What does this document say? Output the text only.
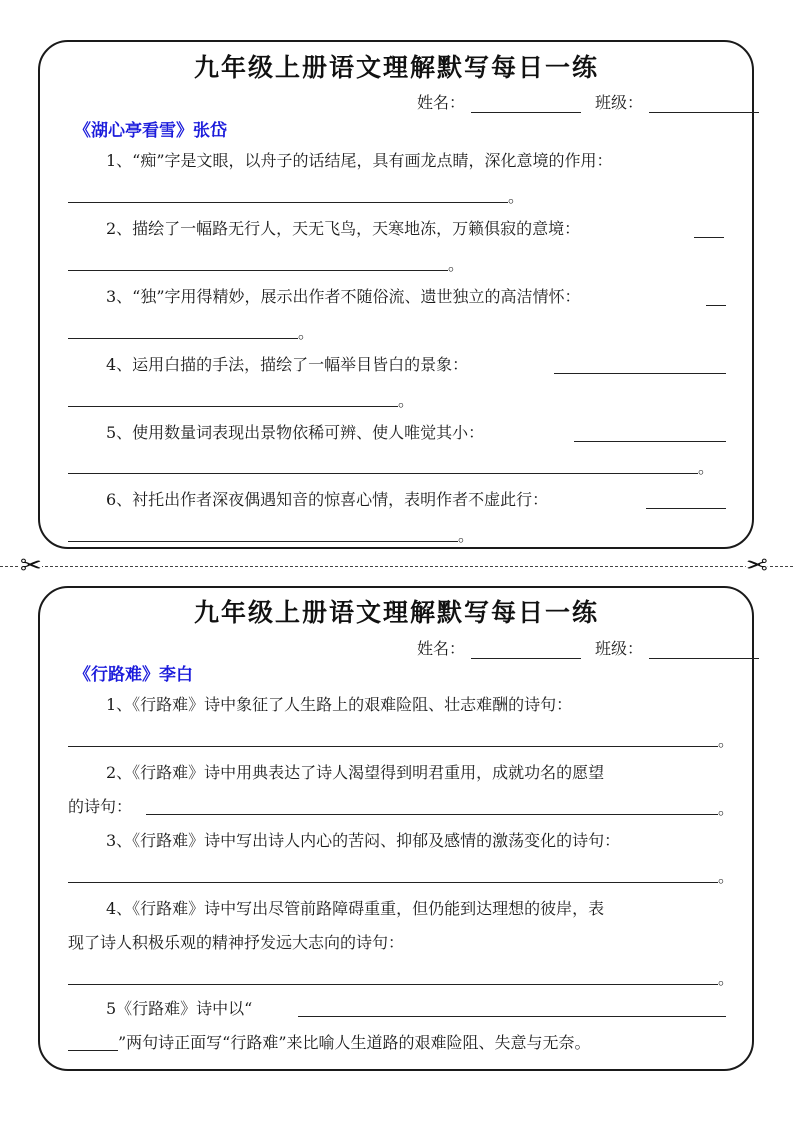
九年级上册语文理解默写每日一练
姓名：	班级：
《湖心亭看雪》张岱
1、“痴”字是文眼，以舟子的话结尾，具有画龙点睛，深化意境的作用：
。
2、描绘了一幅路无行人，天无飞鸟，天寒地冻，万籁俱寂的意境：
。
3、“独”字用得精妙，展示出作者不随俗流、遗世独立的高洁情怀：
。
4、运用白描的手法，描绘了一幅举目皆白的景象：
。
5、使用数量词表现出景物依稀可辨、使人唯觉其小：
。
6、衬托出作者深夜偶遇知音的惊喜心情，表明作者不虚此行：
。
✂	✂
九年级上册语文理解默写每日一练
姓名：	班级：
《行路难》李白
1、《行路难》诗中象征了人生路上的艰难险阻、壮志难酬的诗句：
。
2、《行路难》诗中用典表达了诗人渴望得到明君重用，成就功名的愿望
的诗句：	。
3、《行路难》诗中写出诗人内心的苦闷、抑郁及感情的激荡变化的诗句：
。
4、《行路难》诗中写出尽管前路障碍重重，但仍能到达理想的彼岸，表
现了诗人积极乐观的精神抒发远大志向的诗句：
。
5《行路难》诗中以“
”两句诗正面写“行路难”来比喻人生道路的艰难险阻、失意与无奈。
